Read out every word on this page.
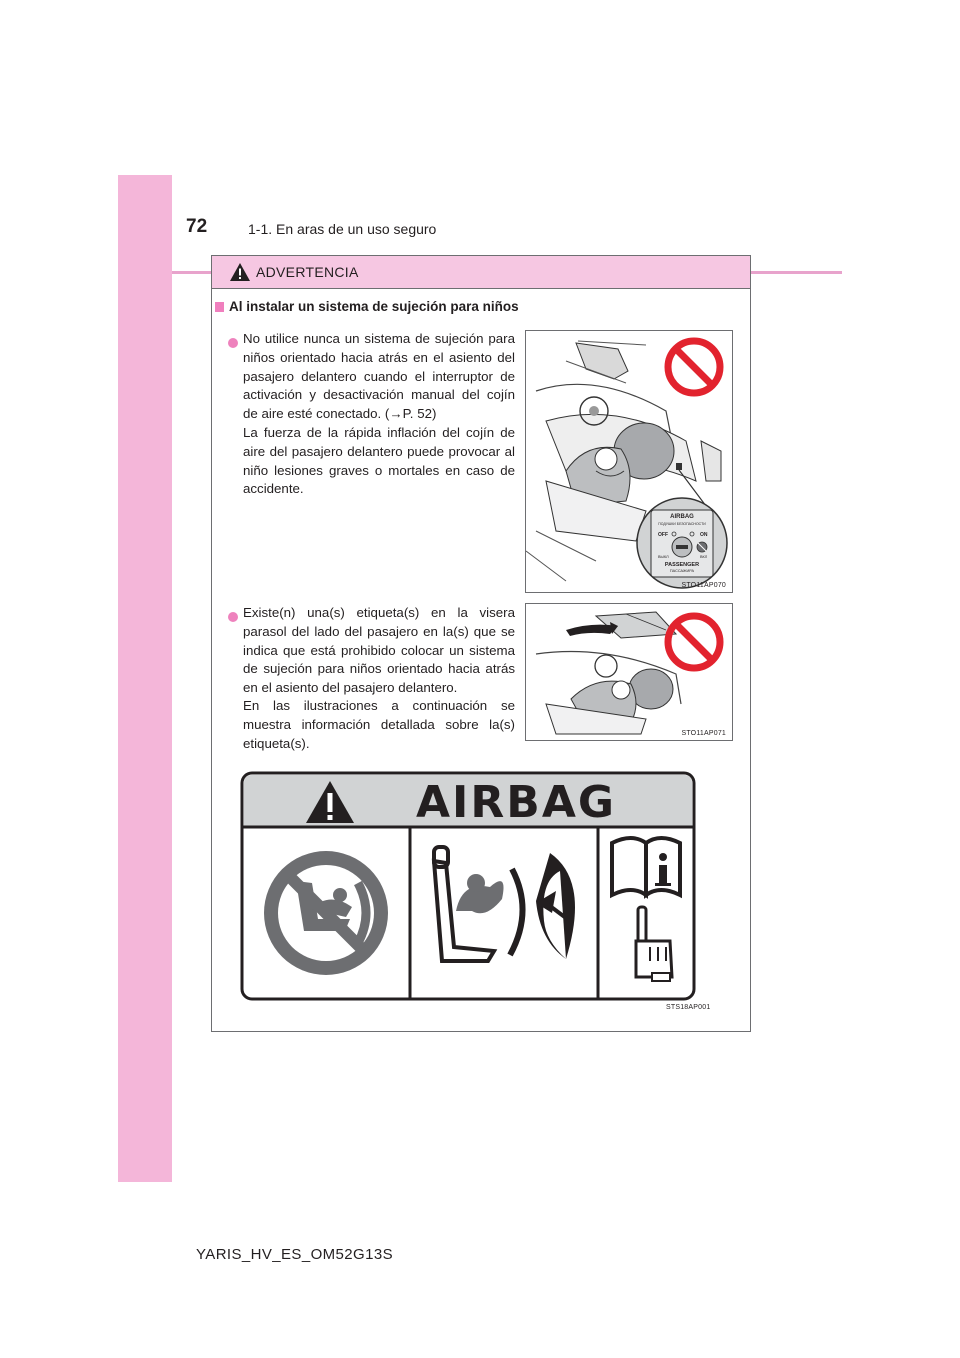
72	1-1. En aras de un uso seguro
ADVERTENCIA
Al instalar un sistema de sujeción para niños
No utilice nunca un sistema de sujeción para niños orientado hacia atrás en el asiento del pasajero delantero cuando el interruptor de activación y desactivación manual del cojín de aire esté conectado. (→P. 52)
La fuerza de la rápida inflación del cojín de aire del pasajero delantero puede provocar al niño lesiones graves o mortales en caso de accidente.
AIRBAG
ПОДУШКИ БЕЗОПАСНОСТИ
OFF	ON
ВЫКЛ	ВКЛ
PASSENGER
ПАССАЖИРА
STO11AP070
Existe(n) una(s) etiqueta(s) en la visera parasol del lado del pasajero en la(s) que se indica que está prohibido colocar un sistema de sujeción para niños orientado hacia atrás en el asiento del pasajero delantero.
En las ilustraciones a continuación se muestra información detallada sobre la(s) etiqueta(s).
STO11AP071
AIRBAG
STS18AP001
YARIS_HV_ES_OM52G13S
